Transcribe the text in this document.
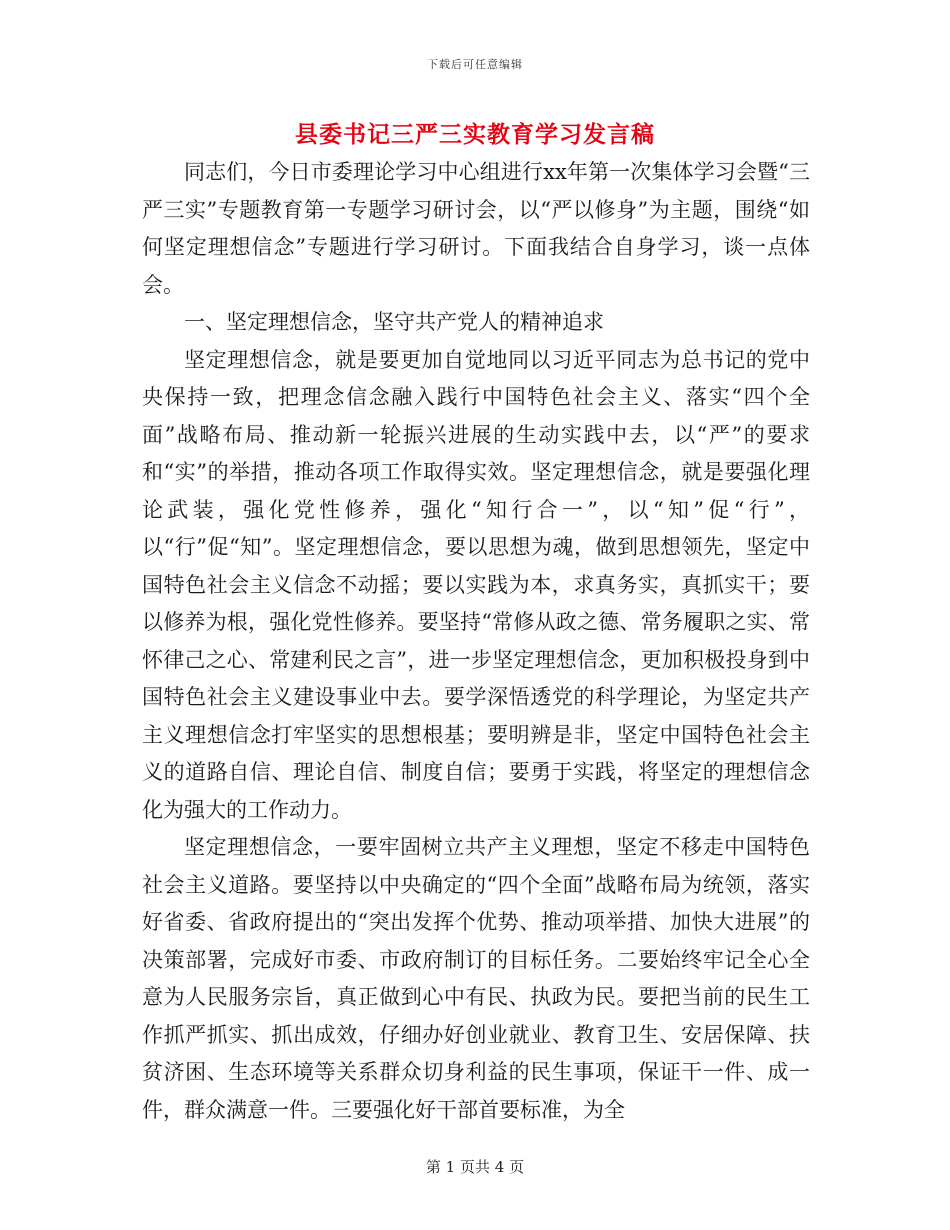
下载后可任意编辑
县委书记三严三实教育学习发言稿

同志们，今日市委理论学习中心组进行xx年第一次集体学习会暨“三严三实”专题教育第一专题学习研讨会，以“严以修身”为主题，围绕“如何坚定理想信念”专题进行学习研讨。下面我结合自身学习，谈一点体会。

一、坚定理想信念，坚守共产党人的精神追求

坚定理想信念，就是要更加自觉地同以习近平同志为总书记的党中央保持一致，把理念信念融入践行中国特色社会主义、落实“四个全面”战略布局、推动新一轮振兴进展的生动实践中去，以“严”的要求和“实”的举措，推动各项工作取得实效。坚定理想信念，就是要强化理论武装，强化党性修养，强化“知行合一”，以“知”促“行”，以“行”促“知”。坚定理想信念，要以思想为魂，做到思想领先，坚定中国特色社会主义信念不动摇；要以实践为本，求真务实，真抓实干；要以修养为根，强化党性修养。要坚持“常修从政之德、常务履职之实、常怀律己之心、常建利民之言”，进一步坚定理想信念，更加积极投身到中国特色社会主义建设事业中去。要学深悟透党的科学理论，为坚定共产主义理想信念打牢坚实的思想根基；要明辨是非，坚定中国特色社会主义的道路自信、理论自信、制度自信；要勇于实践，将坚定的理想信念化为强大的工作动力。

坚定理想信念，一要牢固树立共产主义理想，坚定不移走中国特色社会主义道路。要坚持以中央确定的“四个全面”战略布局为统领，落实好省委、省政府提出的“突出发挥个优势、推动项举措、加快大进展”的决策部署，完成好市委、市政府制订的目标任务。二要始终牢记全心全意为人民服务宗旨，真正做到心中有民、执政为民。要把当前的民生工作抓严抓实、抓出成效，仔细办好创业就业、教育卫生、安居保障、扶贫济困、生态环境等关系群众切身利益的民生事项，保证干一件、成一件，群众满意一件。三要强化好干部首要标准，为全

第 1 页共 4 页
